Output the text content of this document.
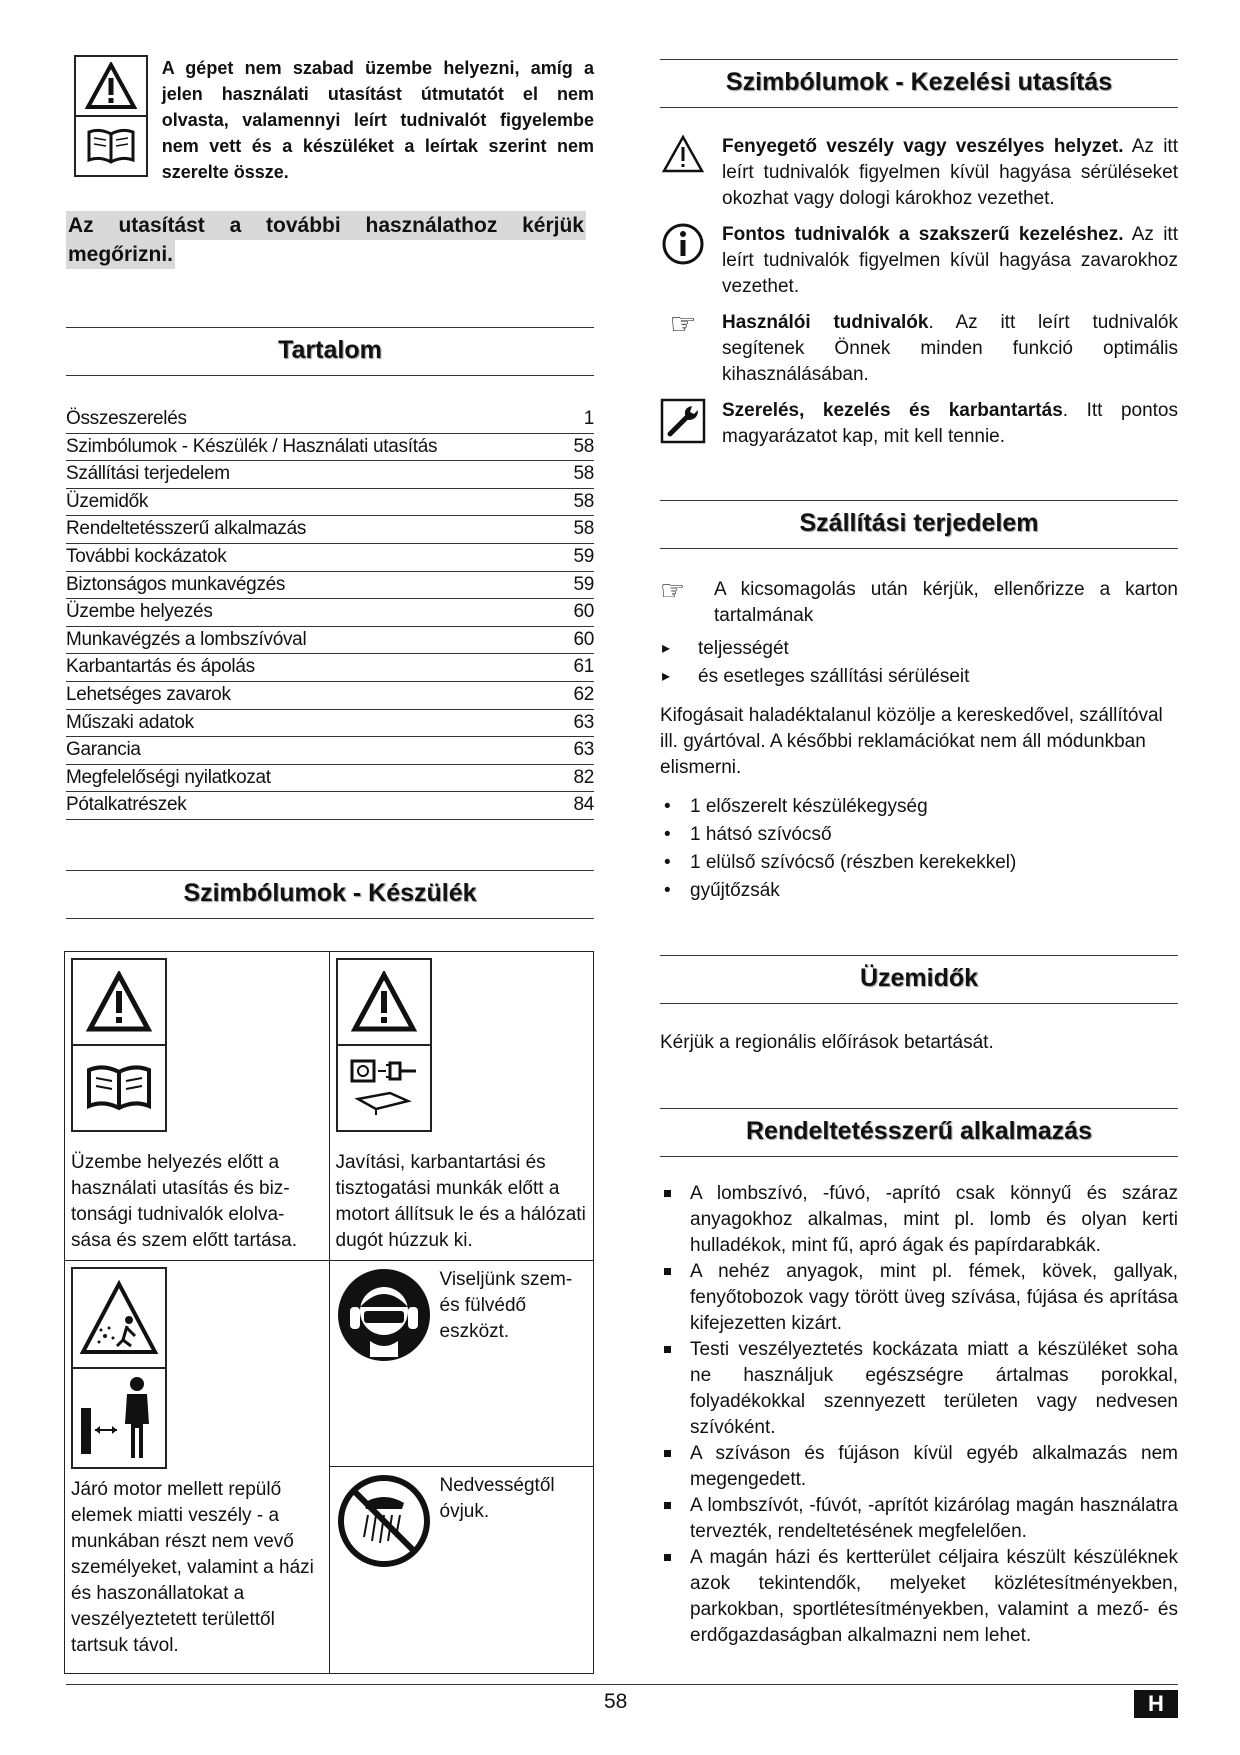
A gépet nem szabad üzembe helyezni, amíg a jelen használati utasítást útmutatót el nem olvasta, valamennyi leírt tudnivalót figyelembe nem vett és a készüléket a leírtak szerint nem szerelte össze.
Az utasítást a további használathoz kérjük
megőrizni.
Tartalom
Összeszerelés	1
Szimbólumok - Készülék / Használati utasítás	58
Szállítási terjedelem	58
Üzemidők	58
Rendeltetésszerű alkalmazás	58
További kockázatok	59
Biztonságos munkavégzés	59
Üzembe helyezés	60
Munkavégzés a lombszívóval	60
Karbantartás és ápolás	61
Lehetséges zavarok	62
Műszaki adatok	63
Garancia	63
Megfelelőségi nyilatkozat	82
Pótalkatrészek	84
Szimbólumok - Készülék

Üzembe helyezés előtt a használati utasítás és biz-tonsági tudnivalók elolva-sása és szem előtt tartása.	Javítási, karbantartási és tisztogatási munkák előtt a motort állítsuk le és a hálózati dugót húzzuk ki.

Járó motor mellett repülő elemek miatti veszély - a munkában részt nem vevő személyeket, valamint a házi és haszonállatokat a veszélyeztetett területtől tartsuk távol.	Viseljünk szem- és fülvédő eszközt.

	Nedvességtől óvjuk.
Szimbólumok - Kezelési utasítás
Fenyegető veszély vagy veszélyes helyzet. Az itt leírt tudnivalók figyelmen kívül hagyása sérüléseket okozhat vagy dologi károkhoz vezethet.
Fontos tudnivalók a szakszerű kezeléshez. Az itt leírt tudnivalók figyelmen kívül hagyása zavarokhoz vezethet.
☞	Használói tudnivalók. Az itt leírt tudnivalók segítenek Önnek minden funkció optimális kihasználásában.
Szerelés, kezelés és karbantartás. Itt pontos magyarázatot kap, mit kell tennie.
Szállítási terjedelem
☞	A kicsomagolás után kérjük, ellenőrizze a karton tartalmának
▸ teljességét
▸ és esetleges szállítási sérüléseit

Kifogásait haladéktalanul közölje a kereskedővel, szállítóval ill. gyártóval. A későbbi reklamációkat nem áll módunkban elismerni.

• 1 előszerelt készülékegység
• 1 hátsó szívócső
• 1 elülső szívócső (részben kerekekkel)
• gyűjtőzsák
Üzemidők

Kérjük a regionális előírások betartását.

Rendeltetésszerű alkalmazás
A lombszívó, -fúvó, -aprító csak könnyű és száraz anyagokhoz alkalmas, mint pl. lomb és olyan kerti hulladékok, mint fű, apró ágak és papírdarabkák.
A nehéz anyagok, mint pl. fémek, kövek, gallyak, fenyőtobozok vagy törött üveg szívása, fújása és aprítása kifejezetten kizárt.
Testi veszélyeztetés kockázata miatt a készüléket soha ne használjuk egészségre ártalmas porokkal, folyadékokkal szennyezett területen vagy nedvesen szívóként.
A szíváson és fújáson kívül egyéb alkalmazás nem megengedett.
A lombszívót, -fúvót, -aprítót kizárólag magán használatra tervezték, rendeltetésének megfelelően.
A magán házi és kertterület céljaira készült készüléknek azok tekintendők, melyeket közlétesítményekben, parkokban, sportlétesítményekben, valamint a mező- és erdőgazdaságban alkalmazni nem lehet.
58	H
